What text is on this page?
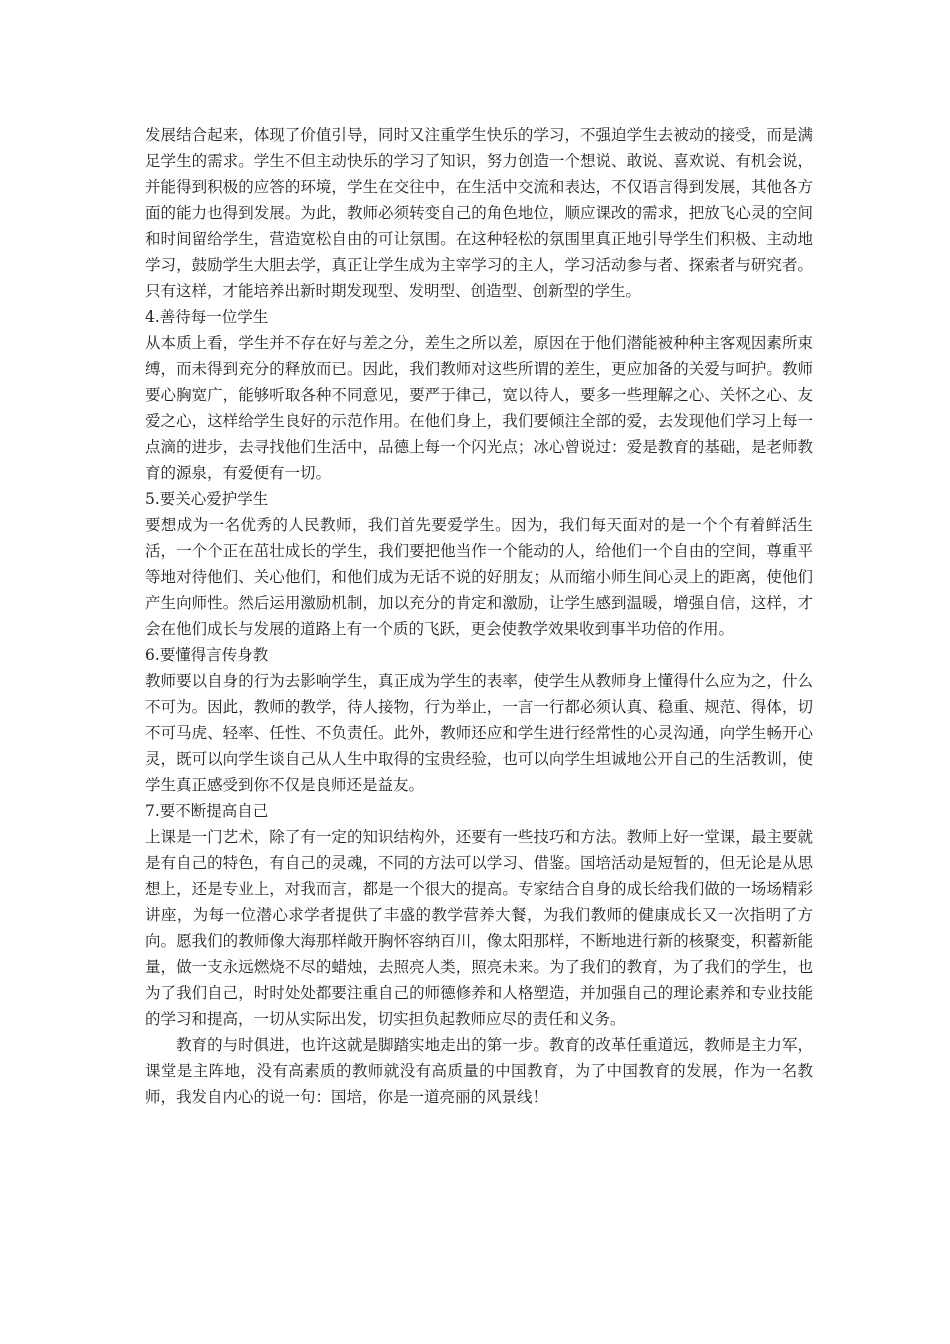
发展结合起来，体现了价值引导，同时又注重学生快乐的学习，不强迫学生去被动的接受，而是满足学生的需求。学生不但主动快乐的学习了知识，努力创造一个想说、敢说、喜欢说、有机会说，并能得到积极的应答的环境，学生在交往中，在生活中交流和表达，不仅语言得到发展，其他各方面的能力也得到发展。为此，教师必须转变自己的角色地位，顺应课改的需求，把放飞心灵的空间和时间留给学生，营造宽松自由的可让氛围。在这种轻松的氛围里真正地引导学生们积极、主动地学习，鼓励学生大胆去学，真正让学生成为主宰学习的主人，学习活动参与者、探索者与研究者。只有这样，才能培养出新时期发现型、发明型、创造型、创新型的学生。

4.善待每一位学生

从本质上看，学生并不存在好与差之分，差生之所以差，原因在于他们潜能被种种主客观因素所束缚，而未得到充分的释放而已。因此，我们教师对这些所谓的差生，更应加备的关爱与呵护。教师要心胸宽广，能够听取各种不同意见，要严于律己，宽以待人，要多一些理解之心、关怀之心、友爱之心，这样给学生良好的示范作用。在他们身上，我们要倾注全部的爱，去发现他们学习上每一点滴的进步，去寻找他们生活中，品德上每一个闪光点；冰心曾说过：爱是教育的基础，是老师教育的源泉，有爱便有一切。

5.要关心爱护学生

要想成为一名优秀的人民教师，我们首先要爱学生。因为，我们每天面对的是一个个有着鲜活生活，一个个正在茁壮成长的学生，我们要把他当作一个能动的人，给他们一个自由的空间，尊重平等地对待他们、关心他们，和他们成为无话不说的好朋友；从而缩小师生间心灵上的距离，使他们产生向师性。然后运用激励机制，加以充分的肯定和激励，让学生感到温暖，增强自信，这样，才会在他们成长与发展的道路上有一个质的飞跃，更会使教学效果收到事半功倍的作用。

6.要懂得言传身教

教师要以自身的行为去影响学生，真正成为学生的表率，使学生从教师身上懂得什么应为之，什么不可为。因此，教师的教学，待人接物，行为举止，一言一行都必须认真、稳重、规范、得体，切不可马虎、轻率、任性、不负责任。此外，教师还应和学生进行经常性的心灵沟通，向学生畅开心灵，既可以向学生谈自己从人生中取得的宝贵经验，也可以向学生坦诚地公开自己的生活教训，使学生真正感受到你不仅是良师还是益友。

7.要不断提高自己

上课是一门艺术，除了有一定的知识结构外，还要有一些技巧和方法。教师上好一堂课，最主要就是有自己的特色，有自己的灵魂，不同的方法可以学习、借鉴。国培活动是短暂的，但无论是从思想上，还是专业上，对我而言，都是一个很大的提高。专家结合自身的成长给我们做的一场场精彩讲座，为每一位潜心求学者提供了丰盛的教学营养大餐，为我们教师的健康成长又一次指明了方向。愿我们的教师像大海那样敞开胸怀容纳百川，像太阳那样，不断地进行新的核聚变，积蓄新能量，做一支永远燃烧不尽的蜡烛，去照亮人类，照亮未来。为了我们的教育，为了我们的学生，也为了我们自己，时时处处都要注重自己的师德修养和人格塑造，并加强自己的理论素养和专业技能的学习和提高，一切从实际出发，切实担负起教师应尽的责任和义务。

教育的与时俱进，也许这就是脚踏实地走出的第一步。教育的改革任重道远，教师是主力军，课堂是主阵地，没有高素质的教师就没有高质量的中国教育，为了中国教育的发展，作为一名教师，我发自内心的说一句：国培，你是一道亮丽的风景线！
